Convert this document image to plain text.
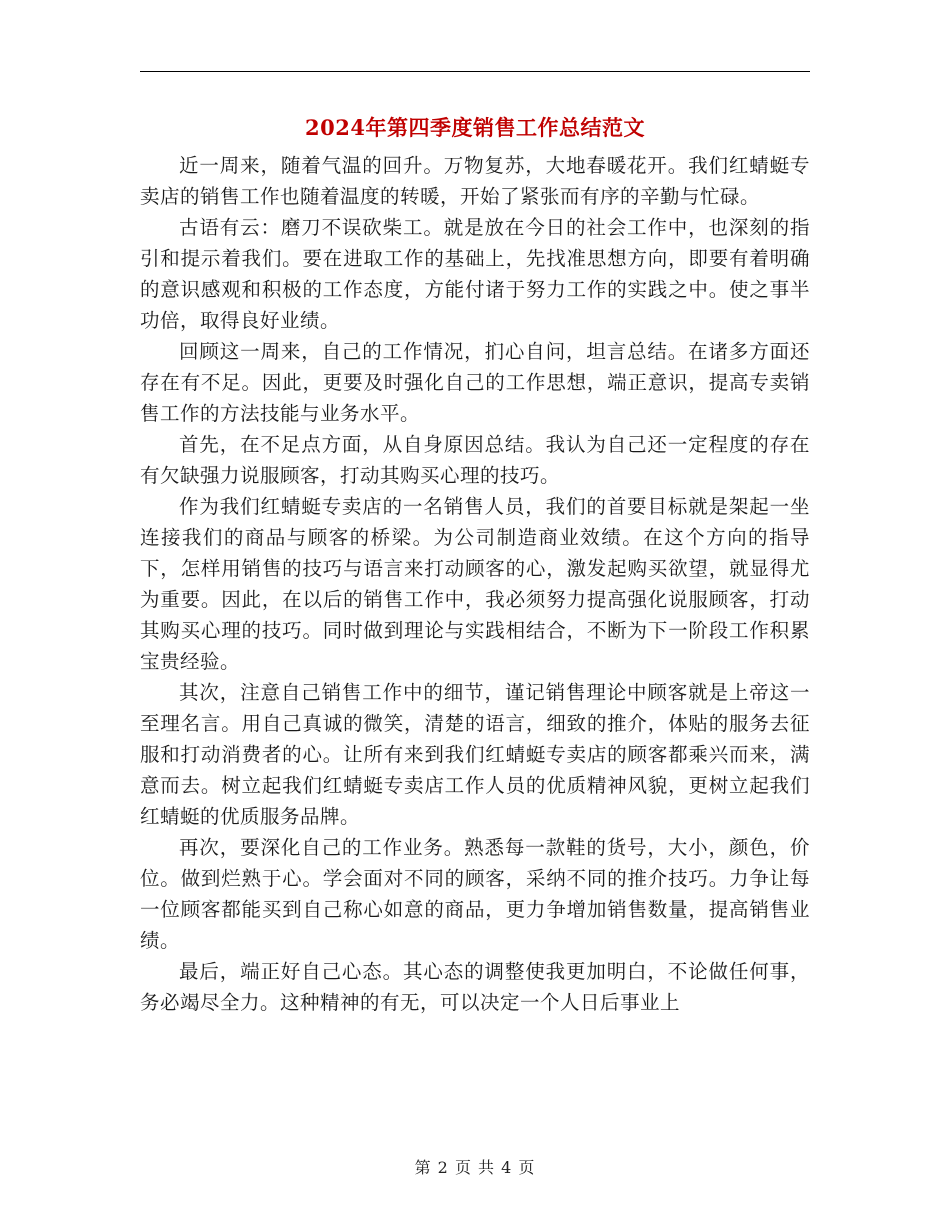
2024年第四季度销售工作总结范文

近一周来，随着气温的回升。万物复苏，大地春暖花开。我们红蜻蜓专卖店的销售工作也随着温度的转暖，开始了紧张而有序的辛勤与忙碌。

古语有云：磨刀不误砍柴工。就是放在今日的社会工作中，也深刻的指引和提示着我们。要在进取工作的基础上，先找准思想方向，即要有着明确的意识感观和积极的工作态度，方能付诸于努力工作的实践之中。使之事半功倍，取得良好业绩。

回顾这一周来，自己的工作情况，扪心自问，坦言总结。在诸多方面还存在有不足。因此，更要及时强化自己的工作思想，端正意识，提高专卖销售工作的方法技能与业务水平。

首先，在不足点方面，从自身原因总结。我认为自己还一定程度的存在有欠缺强力说服顾客，打动其购买心理的技巧。

作为我们红蜻蜓专卖店的一名销售人员，我们的首要目标就是架起一坐连接我们的商品与顾客的桥梁。为公司制造商业效绩。在这个方向的指导下，怎样用销售的技巧与语言来打动顾客的心，激发起购买欲望，就显得尤为重要。因此，在以后的销售工作中，我必须努力提高强化说服顾客，打动其购买心理的技巧。同时做到理论与实践相结合，不断为下一阶段工作积累宝贵经验。

其次，注意自己销售工作中的细节，谨记销售理论中顾客就是上帝这一至理名言。用自己真诚的微笑，清楚的语言，细致的推介，体贴的服务去征服和打动消费者的心。让所有来到我们红蜻蜓专卖店的顾客都乘兴而来，满意而去。树立起我们红蜻蜓专卖店工作人员的优质精神风貌，更树立起我们红蜻蜓的优质服务品牌。

再次，要深化自己的工作业务。熟悉每一款鞋的货号，大小，颜色，价位。做到烂熟于心。学会面对不同的顾客，采纳不同的推介技巧。力争让每一位顾客都能买到自己称心如意的商品，更力争增加销售数量，提高销售业绩。

最后，端正好自己心态。其心态的调整使我更加明白，不论做任何事，务必竭尽全力。这种精神的有无，可以决定一个人日后事业上

第 2 页 共 4 页
